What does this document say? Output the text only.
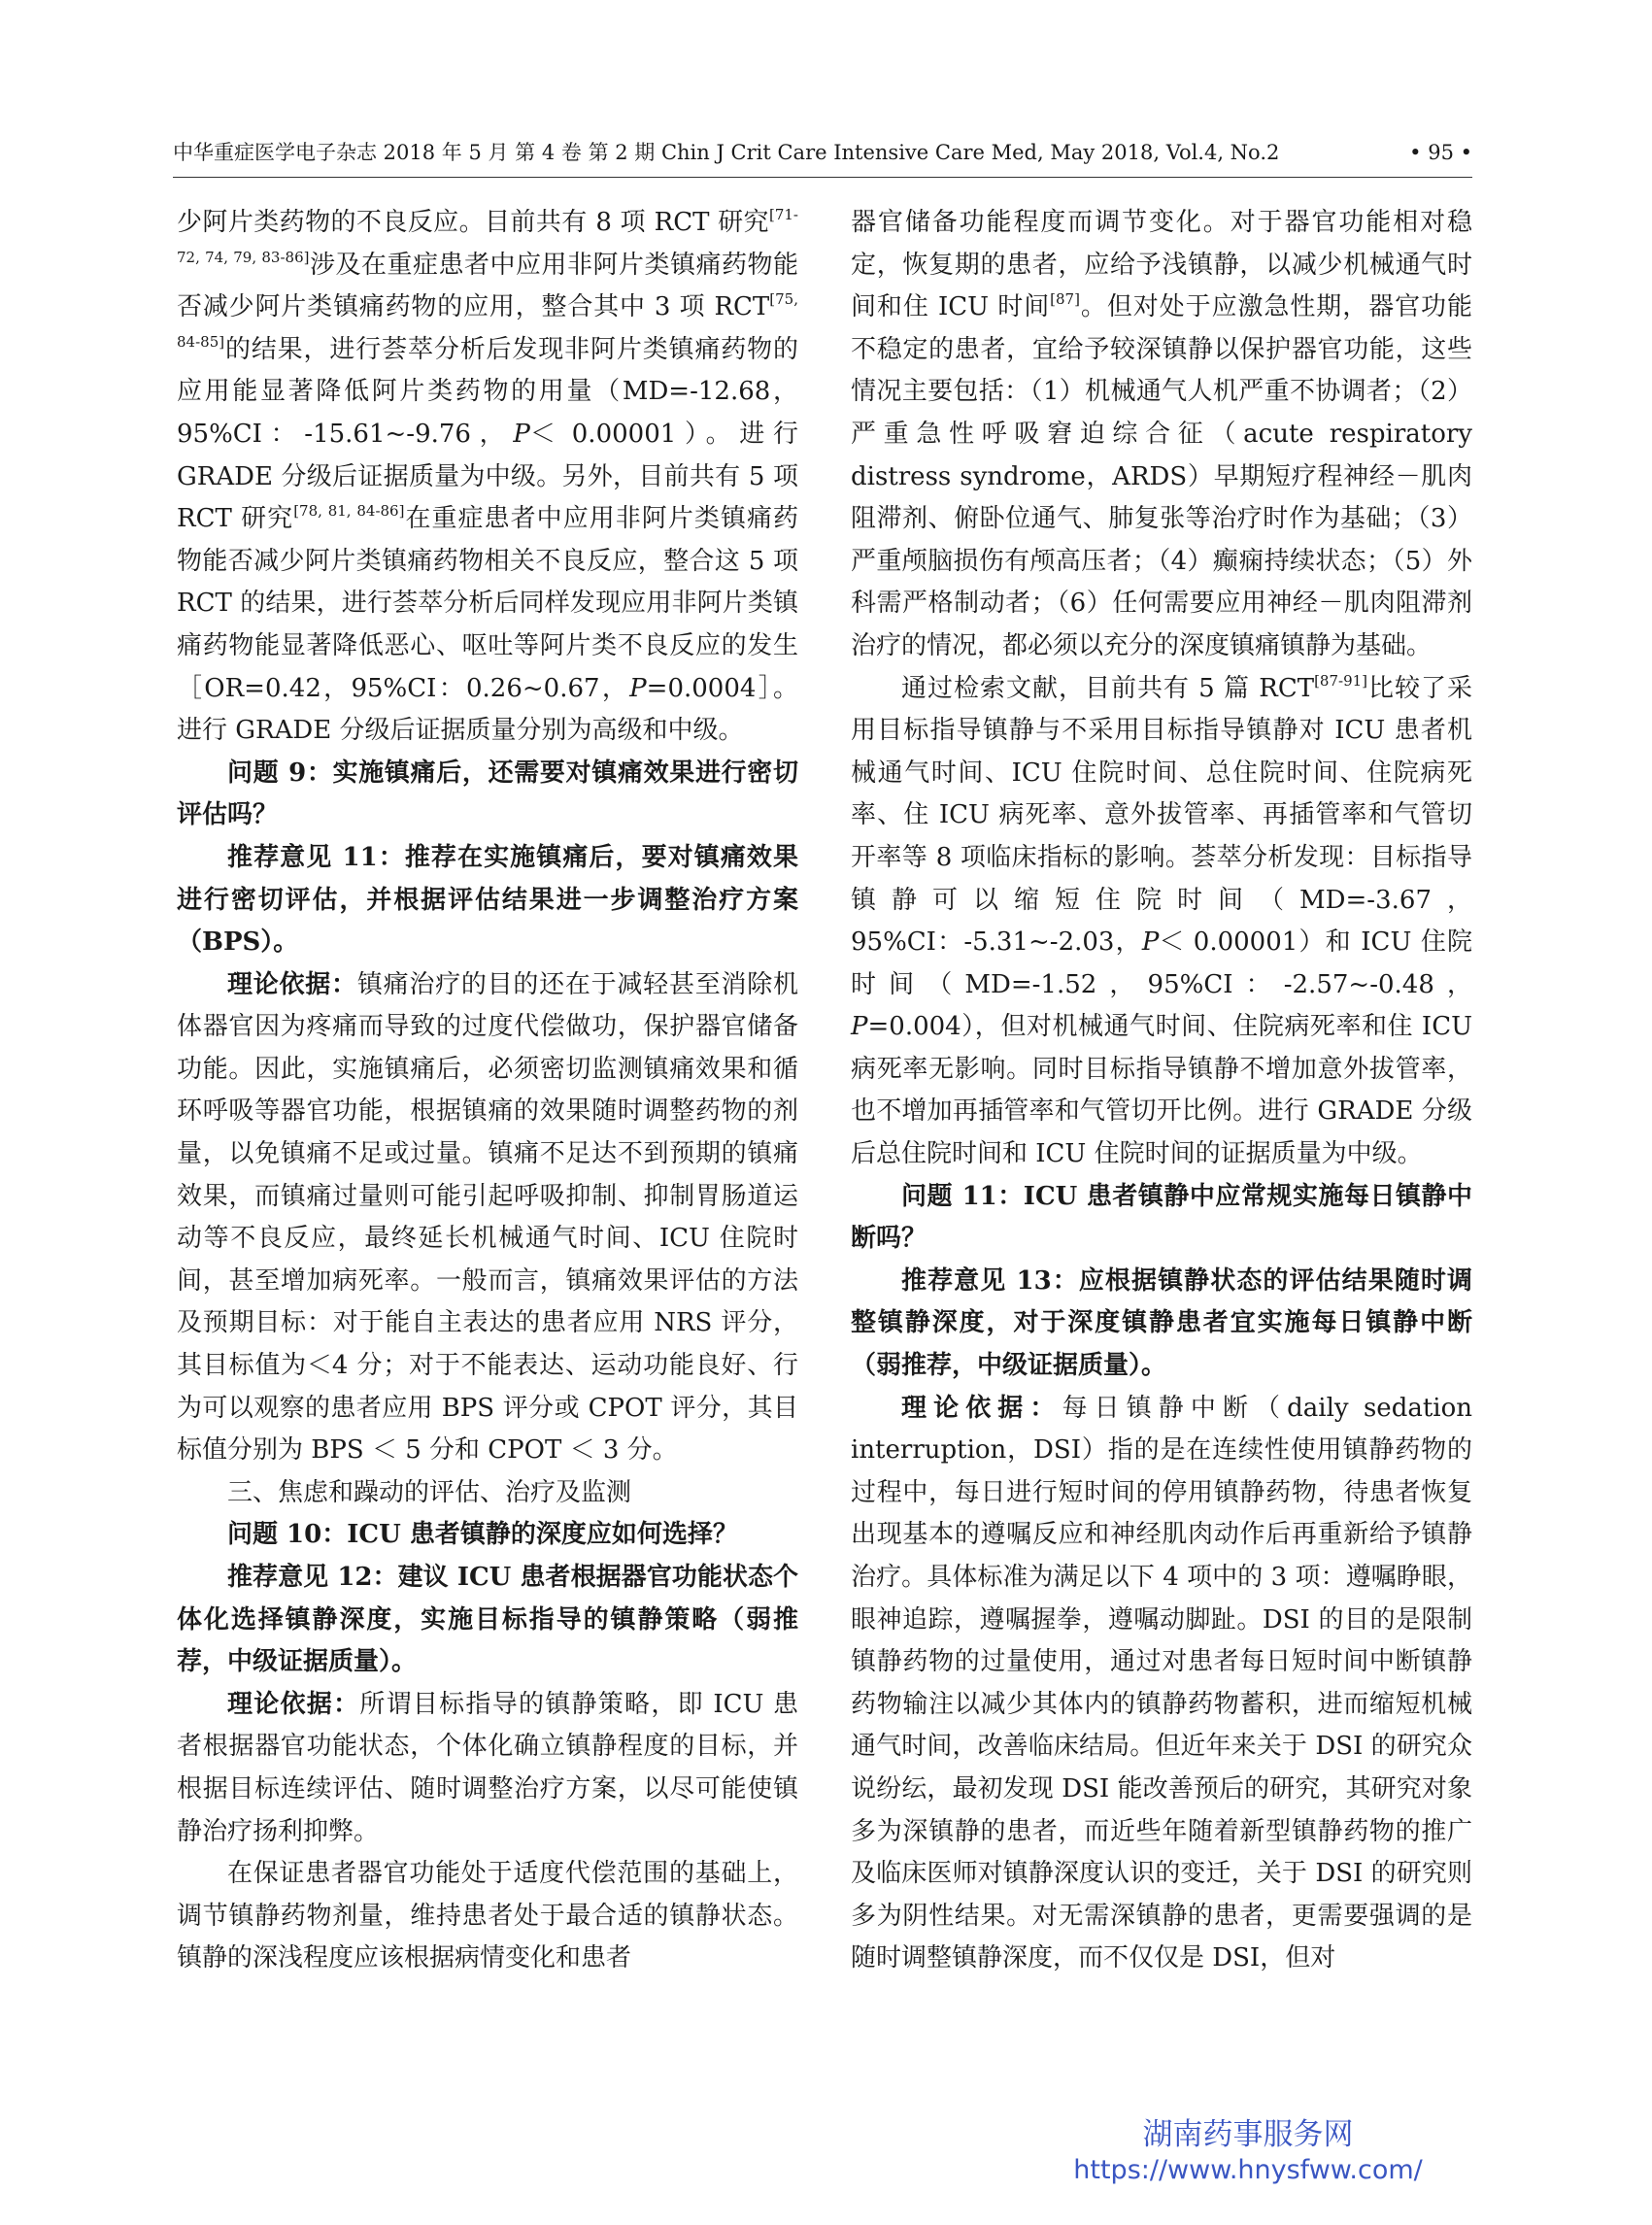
中华重症医学电子杂志 2018 年 5 月 第 4 卷 第 2 期 Chin J Crit Care Intensive Care Med, May 2018, Vol.4, No.2	• 95 •

少阿片类药物的不良反应。目前共有 8 项 RCT 研究[71-72, 74, 79, 83-86]涉及在重症患者中应用非阿片类镇痛药物能否减少阿片类镇痛药物的应用，整合其中 3 项 RCT[75, 84-85]的结果，进行荟萃分析后发现非阿片类镇痛药物的应用能显著降低阿片类药物的用量（MD=-12.68，95%CI：-15.61~-9.76，P＜ 0.00001）。进行 GRADE 分级后证据质量为中级。另外，目前共有 5 项 RCT 研究[78, 81, 84-86]在重症患者中应用非阿片类镇痛药物能否减少阿片类镇痛药物相关不良反应，整合这 5 项 RCT 的结果，进行荟萃分析后同样发现应用非阿片类镇痛药物能显著降低恶心、呕吐等阿片类不良反应的发生［OR=0.42，95%CI：0.26~0.67，P=0.0004］。进行 GRADE 分级后证据质量分别为高级和中级。

问题 9：实施镇痛后，还需要对镇痛效果进行密切评估吗？

推荐意见 11：推荐在实施镇痛后，要对镇痛效果进行密切评估，并根据评估结果进一步调整治疗方案（BPS）。

理论依据：镇痛治疗的目的还在于减轻甚至消除机体器官因为疼痛而导致的过度代偿做功，保护器官储备功能。因此，实施镇痛后，必须密切监测镇痛效果和循环呼吸等器官功能，根据镇痛的效果随时调整药物的剂量，以免镇痛不足或过量。镇痛不足达不到预期的镇痛效果，而镇痛过量则可能引起呼吸抑制、抑制胃肠道运动等不良反应，最终延长机械通气时间、ICU 住院时间，甚至增加病死率。一般而言，镇痛效果评估的方法及预期目标：对于能自主表达的患者应用 NRS 评分，其目标值为＜4 分；对于不能表达、运动功能良好、行为可以观察的患者应用 BPS 评分或 CPOT 评分，其目标值分别为 BPS ＜ 5 分和 CPOT ＜ 3 分。

三、焦虑和躁动的评估、治疗及监测

问题 10：ICU 患者镇静的深度应如何选择？

推荐意见 12：建议 ICU 患者根据器官功能状态个体化选择镇静深度，实施目标指导的镇静策略（弱推荐，中级证据质量）。

理论依据：所谓目标指导的镇静策略，即 ICU 患者根据器官功能状态，个体化确立镇静程度的目标，并根据目标连续评估、随时调整治疗方案，以尽可能使镇静治疗扬利抑弊。

在保证患者器官功能处于适度代偿范围的基础上，调节镇静药物剂量，维持患者处于最合适的镇静状态。镇静的深浅程度应该根据病情变化和患者

器官储备功能程度而调节变化。对于器官功能相对稳定，恢复期的患者，应给予浅镇静，以减少机械通气时间和住 ICU 时间[87]。但对处于应激急性期，器官功能不稳定的患者，宜给予较深镇静以保护器官功能，这些情况主要包括：（1）机械通气人机严重不协调者；（2）严重急性呼吸窘迫综合征（acute respiratory distress syndrome，ARDS）早期短疗程神经－肌肉阻滞剂、俯卧位通气、肺复张等治疗时作为基础；（3）严重颅脑损伤有颅高压者；（4）癫痫持续状态；（5）外科需严格制动者；（6）任何需要应用神经－肌肉阻滞剂治疗的情况，都必须以充分的深度镇痛镇静为基础。

通过检索文献，目前共有 5 篇 RCT[87-91]比较了采用目标指导镇静与不采用目标指导镇静对 ICU 患者机械通气时间、ICU 住院时间、总住院时间、住院病死率、住 ICU 病死率、意外拔管率、再插管率和气管切开率等 8 项临床指标的影响。荟萃分析发现：目标指导镇静可以缩短住院时间（MD=-3.67，95%CI：-5.31~-2.03，P＜ 0.00001）和 ICU 住院时间（MD=-1.52，95%CI：-2.57~-0.48，P=0.004），但对机械通气时间、住院病死率和住 ICU 病死率无影响。同时目标指导镇静不增加意外拔管率，也不增加再插管率和气管切开比例。进行 GRADE 分级后总住院时间和 ICU 住院时间的证据质量为中级。

问题 11：ICU 患者镇静中应常规实施每日镇静中断吗？

推荐意见 13：应根据镇静状态的评估结果随时调整镇静深度，对于深度镇静患者宜实施每日镇静中断（弱推荐，中级证据质量）。

理论依据：每日镇静中断（daily sedation interruption，DSI）指的是在连续性使用镇静药物的过程中，每日进行短时间的停用镇静药物，待患者恢复出现基本的遵嘱反应和神经肌肉动作后再重新给予镇静治疗。具体标准为满足以下 4 项中的 3 项：遵嘱睁眼，眼神追踪，遵嘱握拳，遵嘱动脚趾。DSI 的目的是限制镇静药物的过量使用，通过对患者每日短时间中断镇静药物输注以减少其体内的镇静药物蓄积，进而缩短机械通气时间，改善临床结局。但近年来关于 DSI 的研究众说纷纭，最初发现 DSI 能改善预后的研究，其研究对象多为深镇静的患者，而近些年随着新型镇静药物的推广及临床医师对镇静深度认识的变迁，关于 DSI 的研究则多为阴性结果。对无需深镇静的患者，更需要强调的是随时调整镇静深度，而不仅仅是 DSI，但对

湖南药事服务网
https://www.hnysfww.com/
